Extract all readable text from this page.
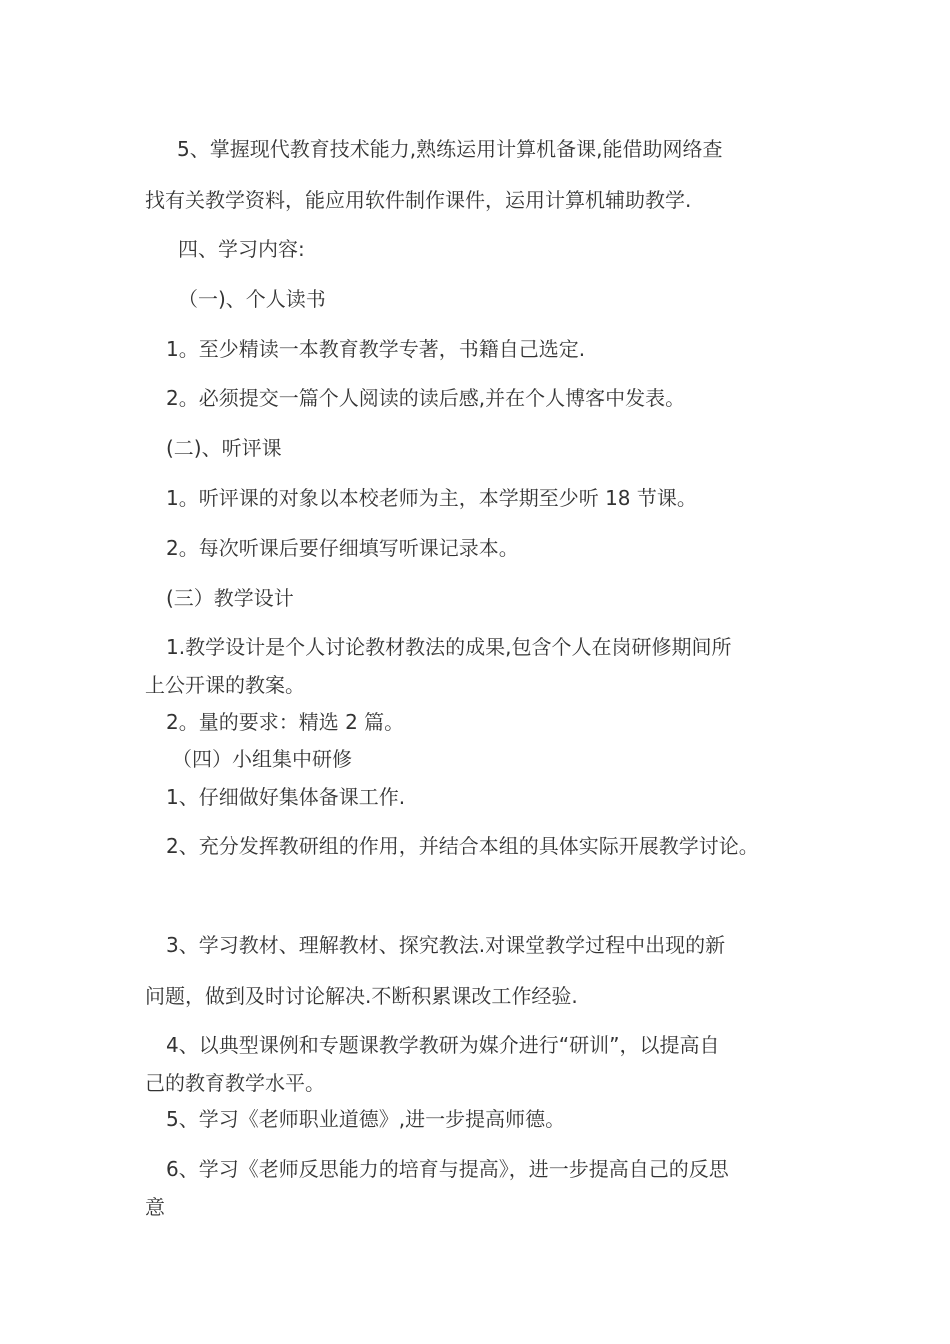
5、掌握现代教育技术能力,熟练运用计算机备课,能借助网络查
找有关教学资料，能应用软件制作课件，运用计算机辅助教学.
四、学习内容:
（一)、个人读书
1。至少精读一本教育教学专著，书籍自己选定.
2。必须提交一篇个人阅读的读后感,并在个人博客中发表。
(二)、听评课
1。听评课的对象以本校老师为主，本学期至少听 18 节课。
2。每次听课后要仔细填写听课记录本。
(三）教学设计
1.教学设计是个人讨论教材教法的成果,包含个人在岗研修期间所
上公开课的教案。
2。量的要求：精选 2 篇。
（四）小组集中研修
1、仔细做好集体备课工作.
2、充分发挥教研组的作用，并结合本组的具体实际开展教学讨论。
3、学习教材、理解教材、探究教法.对课堂教学过程中出现的新
问题，做到及时讨论解决.不断积累课改工作经验.
4、以典型课例和专题课教学教研为媒介进行“研训”，以提高自
己的教育教学水平。
5、学习《老师职业道德》,进一步提高师德。
6、学习《老师反思能力的培育与提高》，进一步提高自己的反思
意
